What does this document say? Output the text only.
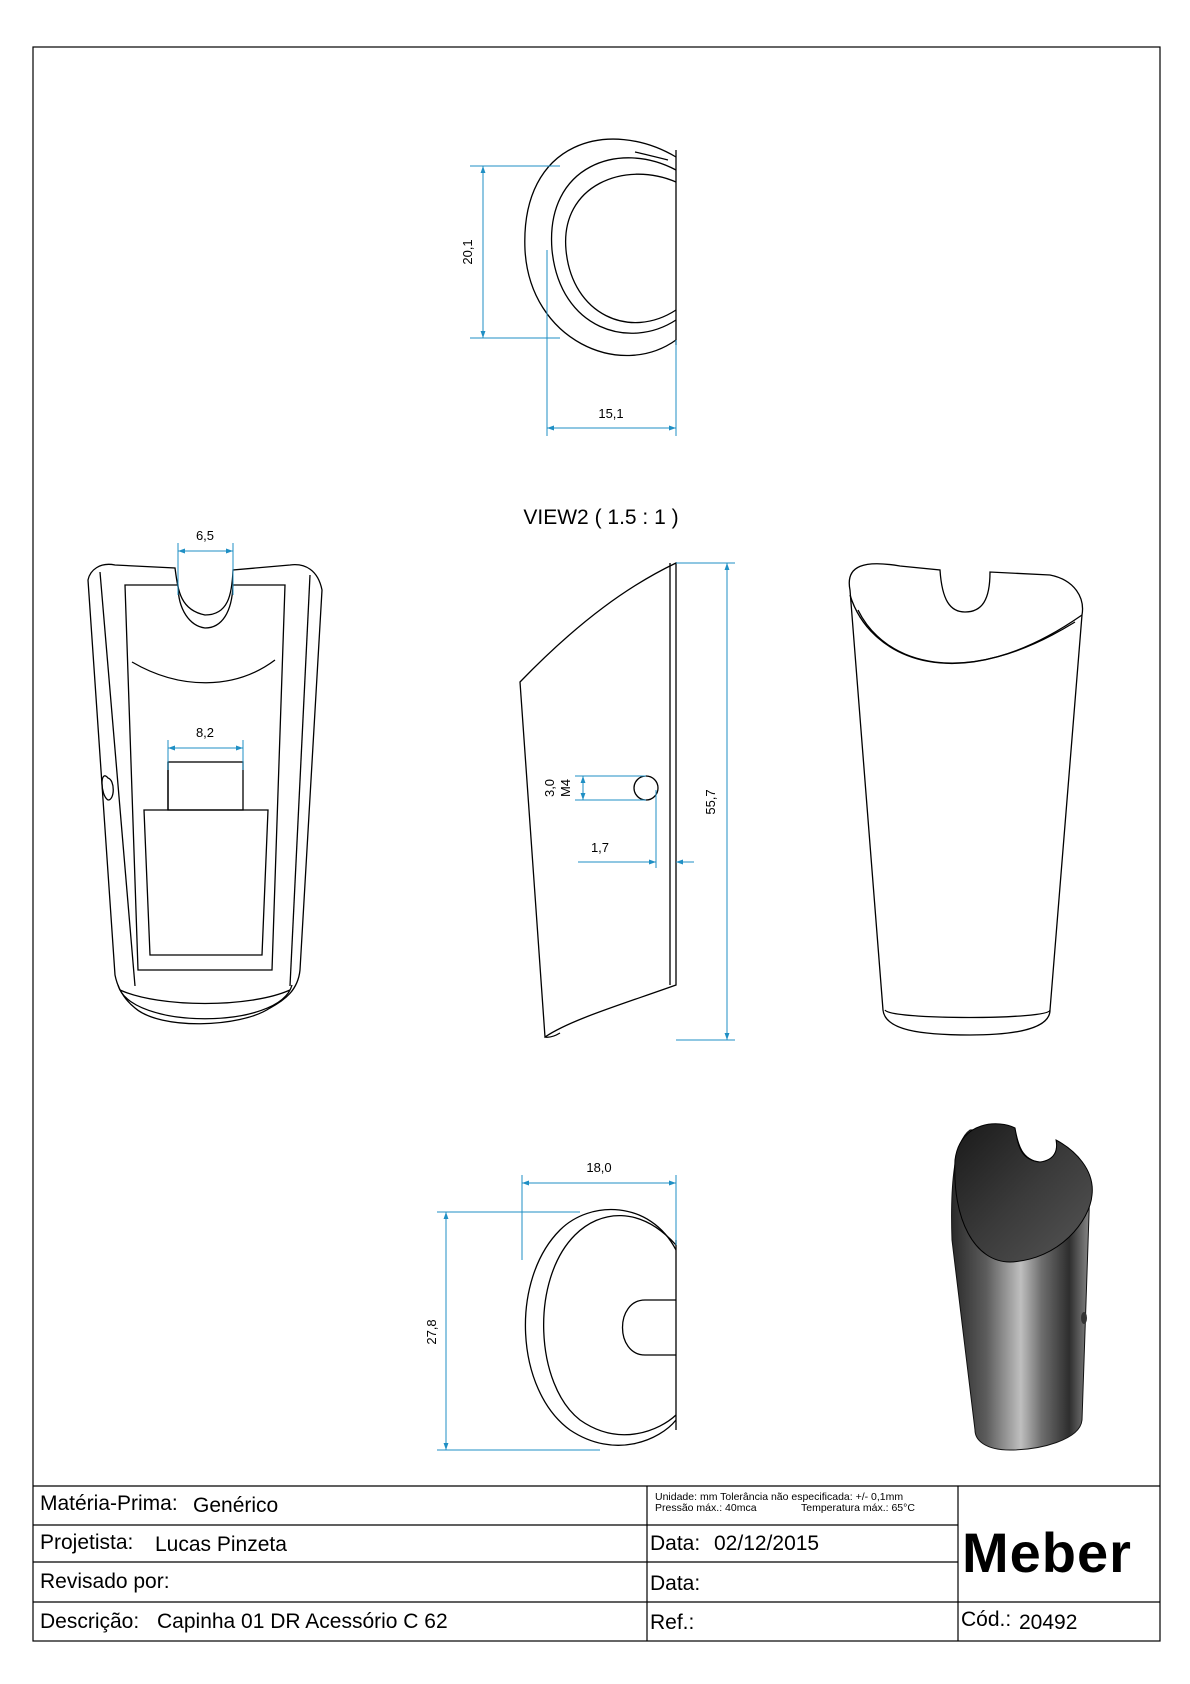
20,1
15,1
VIEW2 ( 1.5 : 1 )
6,5
8,2
3,0 M4
1,7
55,7
18,0
27,8
Matéria-Prima: Genérico
Projetista: Lucas Pinzeta
Revisado por:
Descrição: Capinha 01 DR Acessório C 62
Unidade: mm Tolerância não especificada: +/- 0,1mm
Pressão máx.: 40mca	Temperatura máx.: 65°C
Data: 02/12/2015
Data:
Ref.:
Meber
Cód.: 20492
